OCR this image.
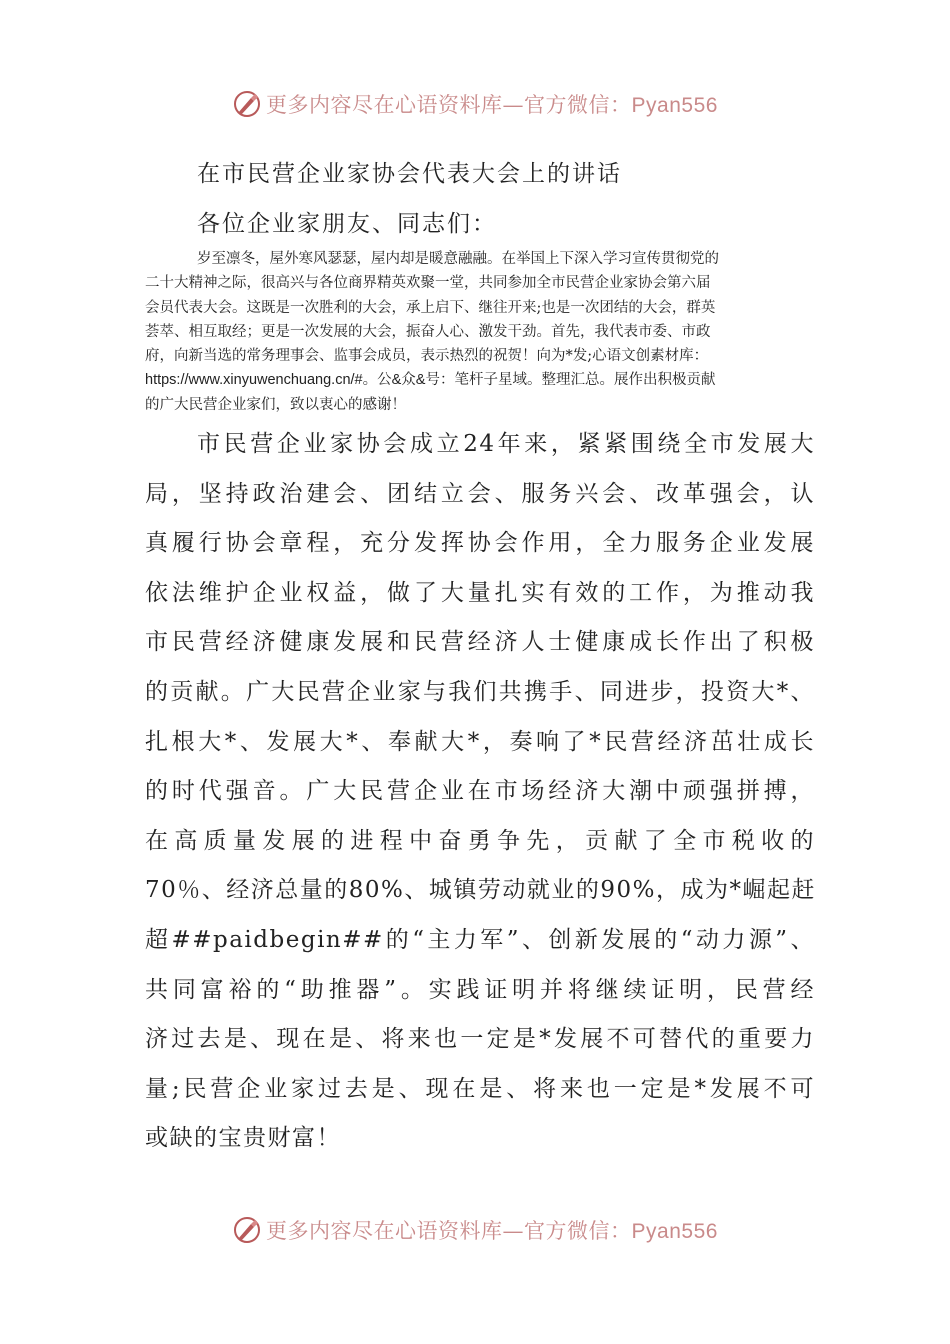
更多内容尽在心语资料库—官方微信：Pyan556
在市民营企业家协会代表大会上的讲话
各位企业家朋友、同志们：
岁至凛冬，屋外寒风瑟瑟，屋内却是暖意融融。在举国上下深入学习宣传贯彻党的
二十大精神之际，很高兴与各位商界精英欢聚一堂，共同参加全市民营企业家协会第六届
会员代表大会。这既是一次胜利的大会，承上启下、继往开来;也是一次团结的大会，群英
荟萃、相互取经；更是一次发展的大会，振奋人心、激发干劲。首先，我代表市委、市政
府，向新当选的常务理事会、监事会成员，表示热烈的祝贺！向为*发;心语文创素材库：
https://www.xinyuwenchuang.cn/#。公&众&号：笔杆子星域。整理汇总。展作出积极贡献
的广大民营企业家们，致以衷心的感谢！
市民营企业家协会成立24年来，紧紧围绕全市发展大
局，坚持政治建会、团结立会、服务兴会、改革强会，认
真履行协会章程，充分发挥协会作用，全力服务企业发展
依法维护企业权益，做了大量扎实有效的工作，为推动我
市民营经济健康发展和民营经济人士健康成长作出了积极
的贡献。广大民营企业家与我们共携手、同进步，投资大*、
扎根大*、发展大*、奉献大*，奏响了*民营经济茁壮成长
的时代强音。广大民营企业在市场经济大潮中顽强拼搏，
在高质量发展的进程中奋勇争先，贡献了全市税收的
70％、经济总量的80%、城镇劳动就业的90%，成为*崛起赶
超##paidbegin##的“主力军”、创新发展的“动力源”、
共同富裕的“助推器”。实践证明并将继续证明，民营经
济过去是、现在是、将来也一定是*发展不可替代的重要力
量;民营企业家过去是、现在是、将来也一定是*发展不可
或缺的宝贵财富！
更多内容尽在心语资料库—官方微信：Pyan556
